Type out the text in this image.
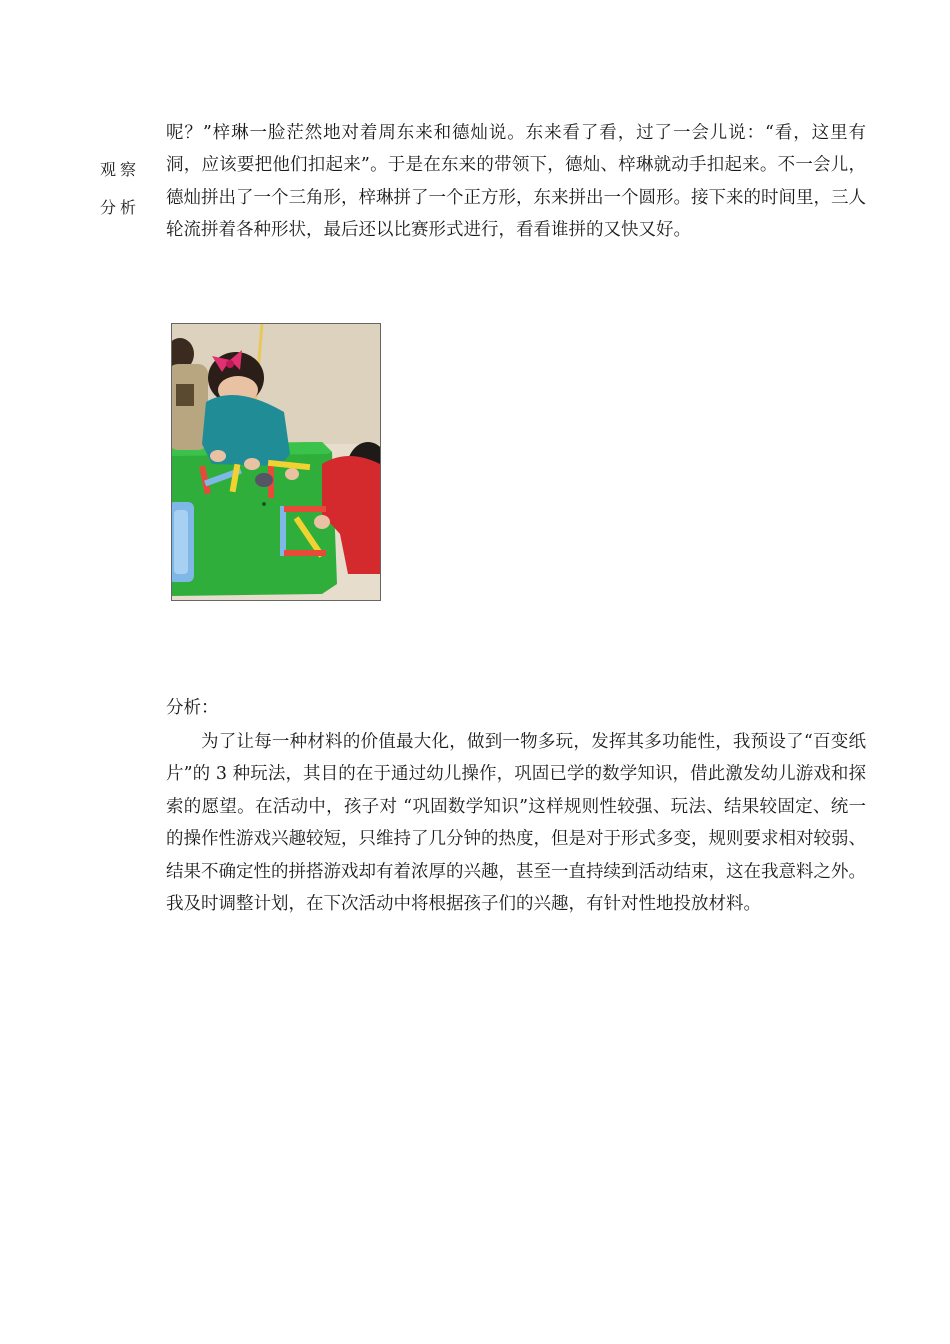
观察
分析
呢？”梓琳一脸茫然地对着周东来和德灿说。东来看了看，过了一会儿说：“看，这里有洞，应该要把他们扣起来”。于是在东来的带领下，德灿、梓琳就动手扣起来。不一会儿，德灿拼出了一个三角形，梓琳拼了一个正方形，东来拼出一个圆形。接下来的时间里，三人轮流拼着各种形状，最后还以比赛形式进行，看看谁拼的又快又好。
分析：
为了让每一种材料的价值最大化，做到一物多玩，发挥其多功能性，我预设了“百变纸片”的 3 种玩法，其目的在于通过幼儿操作，巩固已学的数学知识，借此激发幼儿游戏和探索的愿望。在活动中，孩子对 “巩固数学知识”这样规则性较强、玩法、结果较固定、统一的操作性游戏兴趣较短，只维持了几分钟的热度，但是对于形式多变，规则要求相对较弱、结果不确定性的拼搭游戏却有着浓厚的兴趣，甚至一直持续到活动结束，这在我意料之外。我及时调整计划，在下次活动中将根据孩子们的兴趣，有针对性地投放材料。
